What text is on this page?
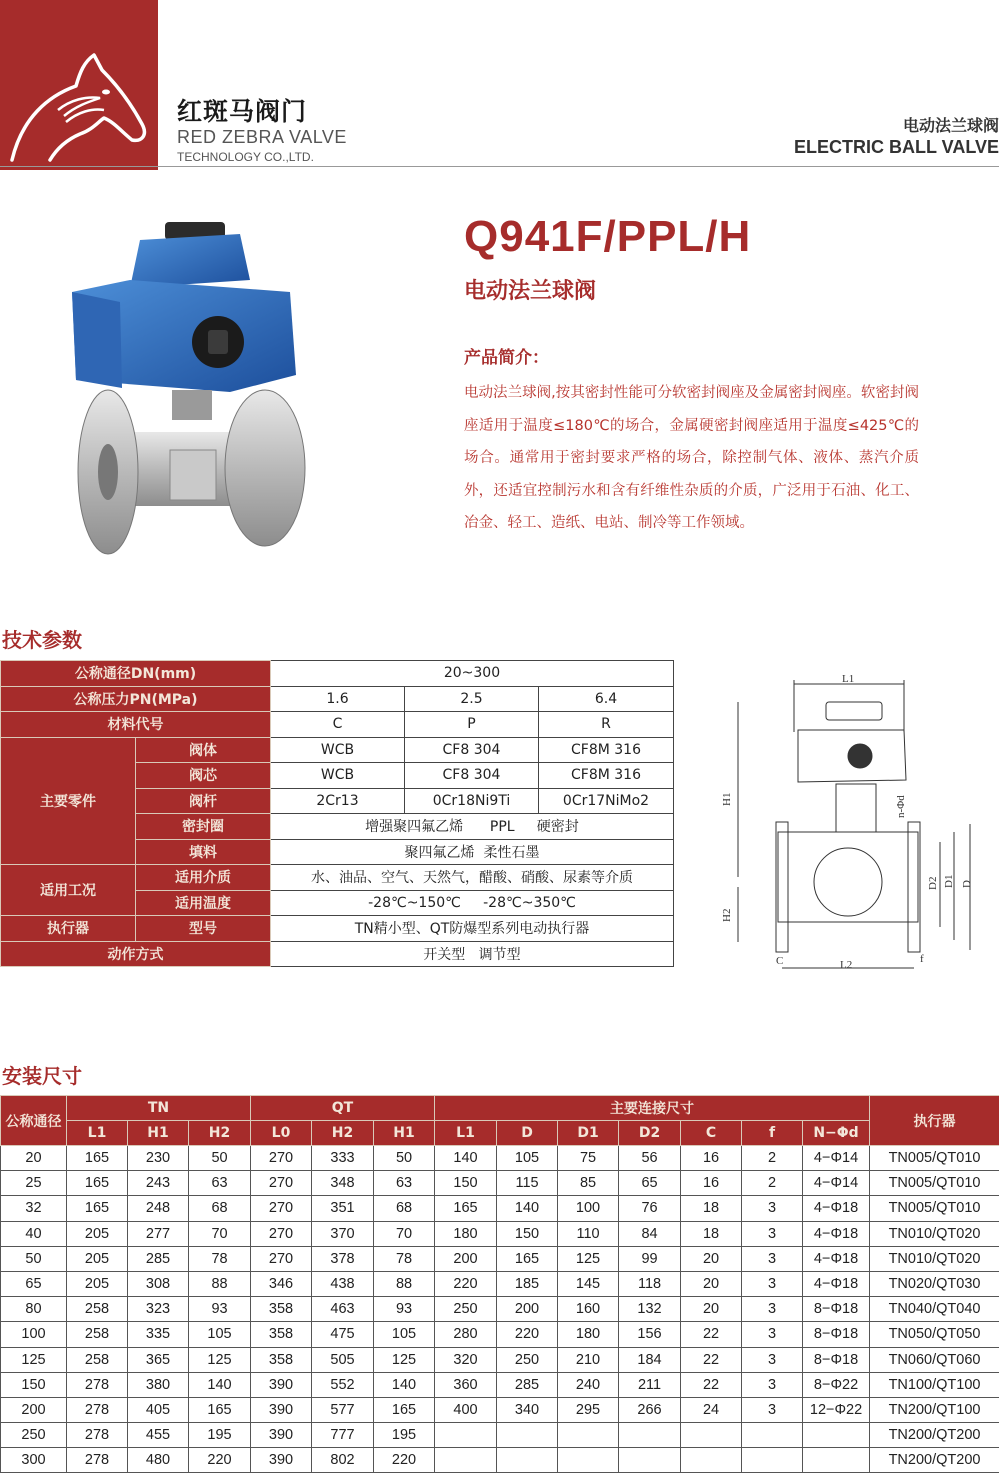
红斑马阀门
RED ZEBRA VALVE
TECHNOLOGY CO.,LTD.
电动法兰球阀
ELECTRIC BALL VALVE
Q941F/PPL/H
电动法兰球阀
产品简介：
电动法兰球阀,按其密封性能可分软密封阀座及金属密封阀座。软密封阀座适用于温度≤180℃的场合，金属硬密封阀座适用于温度≤425℃的场合。通常用于密封要求严格的场合，除控制气体、液体、蒸汽介质外，还适宜控制污水和含有纤维性杂质的介质，广泛用于石油、化工、冶金、轻工、造纸、电站、制冷等工作领域。
技术参数
公称通径DN(mm)		20~300		
公称压力PN(MPa)		1.6	2.5	6.4
材料代号		C	P	R
主要零件	阀体	WCB	CF8 304	CF8M 316
	阀芯	WCB	CF8 304	CF8M 316
	阀杆	2Cr13	0Cr18Ni9Ti	0Cr17NiMo2
	密封圈	增强聚四氟乙烯      PPL     硬密封		
	填料	聚四氟乙烯  柔性石墨		
适用工况	适用介质	水、油品、空气、天然气，醋酸、硝酸、尿素等介质		
	适用温度	-28℃~150℃     -28℃~350℃		
执行器	型号	TN精小型、QT防爆型系列电动执行器		
动作方式		开关型   调节型		
L1
H1
H2
n-Φd
D2 D1 D
C	L2	f
安装尺寸
公称通径	TN			QT			主要连接尺寸							执行器
	L1	H1	H2	L0	H2	H1	L1	D	D1	D2	C	f	N−Φd	
20	165	230	50	270	333	50	140	105	75	56	16	2	4−Φ14	TN005/QT010
25	165	243	63	270	348	63	150	115	85	65	16	2	4−Φ14	TN005/QT010
32	165	248	68	270	351	68	165	140	100	76	18	3	4−Φ18	TN005/QT010
40	205	277	70	270	370	70	180	150	110	84	18	3	4−Φ18	TN010/QT020
50	205	285	78	270	378	78	200	165	125	99	20	3	4−Φ18	TN010/QT020
65	205	308	88	346	438	88	220	185	145	118	20	3	4−Φ18	TN020/QT030
80	258	323	93	358	463	93	250	200	160	132	20	3	8−Φ18	TN040/QT040
100	258	335	105	358	475	105	280	220	180	156	22	3	8−Φ18	TN050/QT050
125	258	365	125	358	505	125	320	250	210	184	22	3	8−Φ18	TN060/QT060
150	278	380	140	390	552	140	360	285	240	211	22	3	8−Φ22	TN100/QT100
200	278	405	165	390	577	165	400	340	295	266	24	3	12−Φ22	TN200/QT100
250	278	455	195	390	777	195								TN200/QT200
300	278	480	220	390	802	220								TN200/QT200
